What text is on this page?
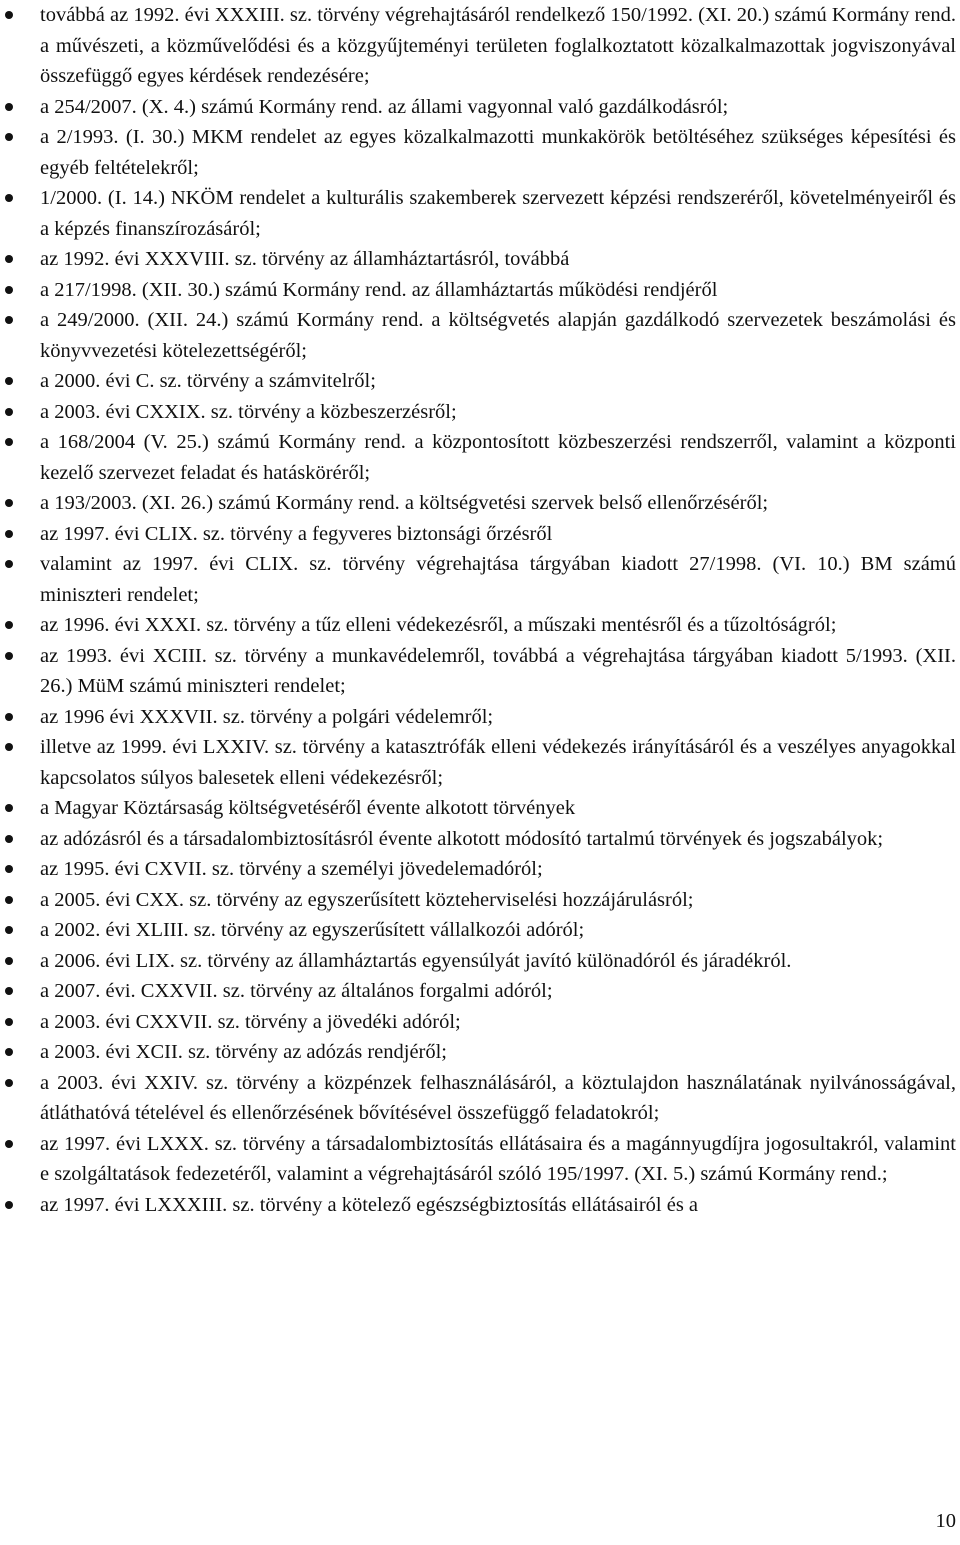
továbbá az 1992. évi XXXIII. sz. törvény végrehajtásáról rendelkező 150/1992. (XI. 20.) számú Kormány rend. a művészeti, a közművelődési és a közgyűjteményi területen foglalkoztatott közalkalmazottak jogviszonyával összefüggő egyes kérdések rendezésére;
a 254/2007. (X. 4.) számú Kormány rend. az állami vagyonnal való gazdálkodásról;
a 2/1993. (I. 30.) MKM rendelet az egyes közalkalmazotti munkakörök betöltéséhez szükséges képesítési és egyéb feltételekről;
1/2000. (I. 14.) NKÖM rendelet a kulturális szakemberek szervezett képzési rendszeréről, követelményeiről és a képzés finanszírozásáról;
az 1992. évi XXXVIII. sz. törvény az államháztartásról, továbbá
a 217/1998. (XII. 30.) számú Kormány rend. az államháztartás működési rendjéről
a 249/2000. (XII. 24.) számú Kormány rend. a költségvetés alapján gazdálkodó szervezetek beszámolási és könyvvezetési kötelezettségéről;
a 2000. évi C. sz. törvény a számvitelről;
a 2003. évi CXXIX. sz. törvény a közbeszerzésről;
a 168/2004 (V. 25.) számú Kormány rend. a központosított közbeszerzési rendszerről, valamint a központi kezelő szervezet feladat és hatásköréről;
a 193/2003. (XI. 26.) számú Kormány rend. a költségvetési szervek belső ellenőrzéséről;
az 1997. évi CLIX. sz. törvény a fegyveres biztonsági őrzésről
valamint az 1997. évi CLIX. sz. törvény végrehajtása tárgyában kiadott 27/1998. (VI. 10.) BM számú miniszteri rendelet;
az 1996. évi XXXI. sz. törvény a tűz elleni védekezésről, a műszaki mentésről és a tűzoltóságról;
az 1993. évi XCIII. sz. törvény a munkavédelemről, továbbá a végrehajtása tárgyában kiadott 5/1993. (XII. 26.) MüM számú miniszteri rendelet;
az 1996 évi XXXVII. sz. törvény a polgári védelemről;
illetve az 1999. évi LXXIV. sz. törvény a katasztrófák elleni védekezés irányításáról és a veszélyes anyagokkal kapcsolatos súlyos balesetek elleni védekezésről;
a Magyar Köztársaság költségvetéséről évente alkotott törvények
az adózásról és a társadalombiztosításról évente alkotott módosító tartalmú törvények és jogszabályok;
az 1995. évi CXVII. sz. törvény a személyi jövedelemadóról;
a 2005. évi CXX. sz. törvény az egyszerűsített közteherviselési hozzájárulásról;
a 2002. évi XLIII. sz. törvény az egyszerűsített vállalkozói adóról;
a 2006. évi LIX. sz. törvény az államháztartás egyensúlyát javító különadóról és járadékról.
a 2007. évi. CXXVII. sz. törvény az általános forgalmi adóról;
a 2003. évi CXXVII. sz. törvény a jövedéki adóról;
a 2003. évi XCII. sz. törvény az adózás rendjéről;
a 2003. évi XXIV. sz. törvény a közpénzek felhasználásáról, a köztulajdon használatának nyilvánosságával, átláthatóvá tételével és ellenőrzésének bővítésével összefüggő feladatokról;
az 1997. évi LXXX. sz. törvény a társadalombiztosítás ellátásaira és a magánnyugdíjra jogosultakról, valamint e szolgáltatások fedezetéről, valamint a végrehajtásáról szóló 195/1997. (XI. 5.) számú Kormány rend.;
az 1997. évi LXXXIII. sz. törvény a kötelező egészségbiztosítás ellátásairól és a
10
